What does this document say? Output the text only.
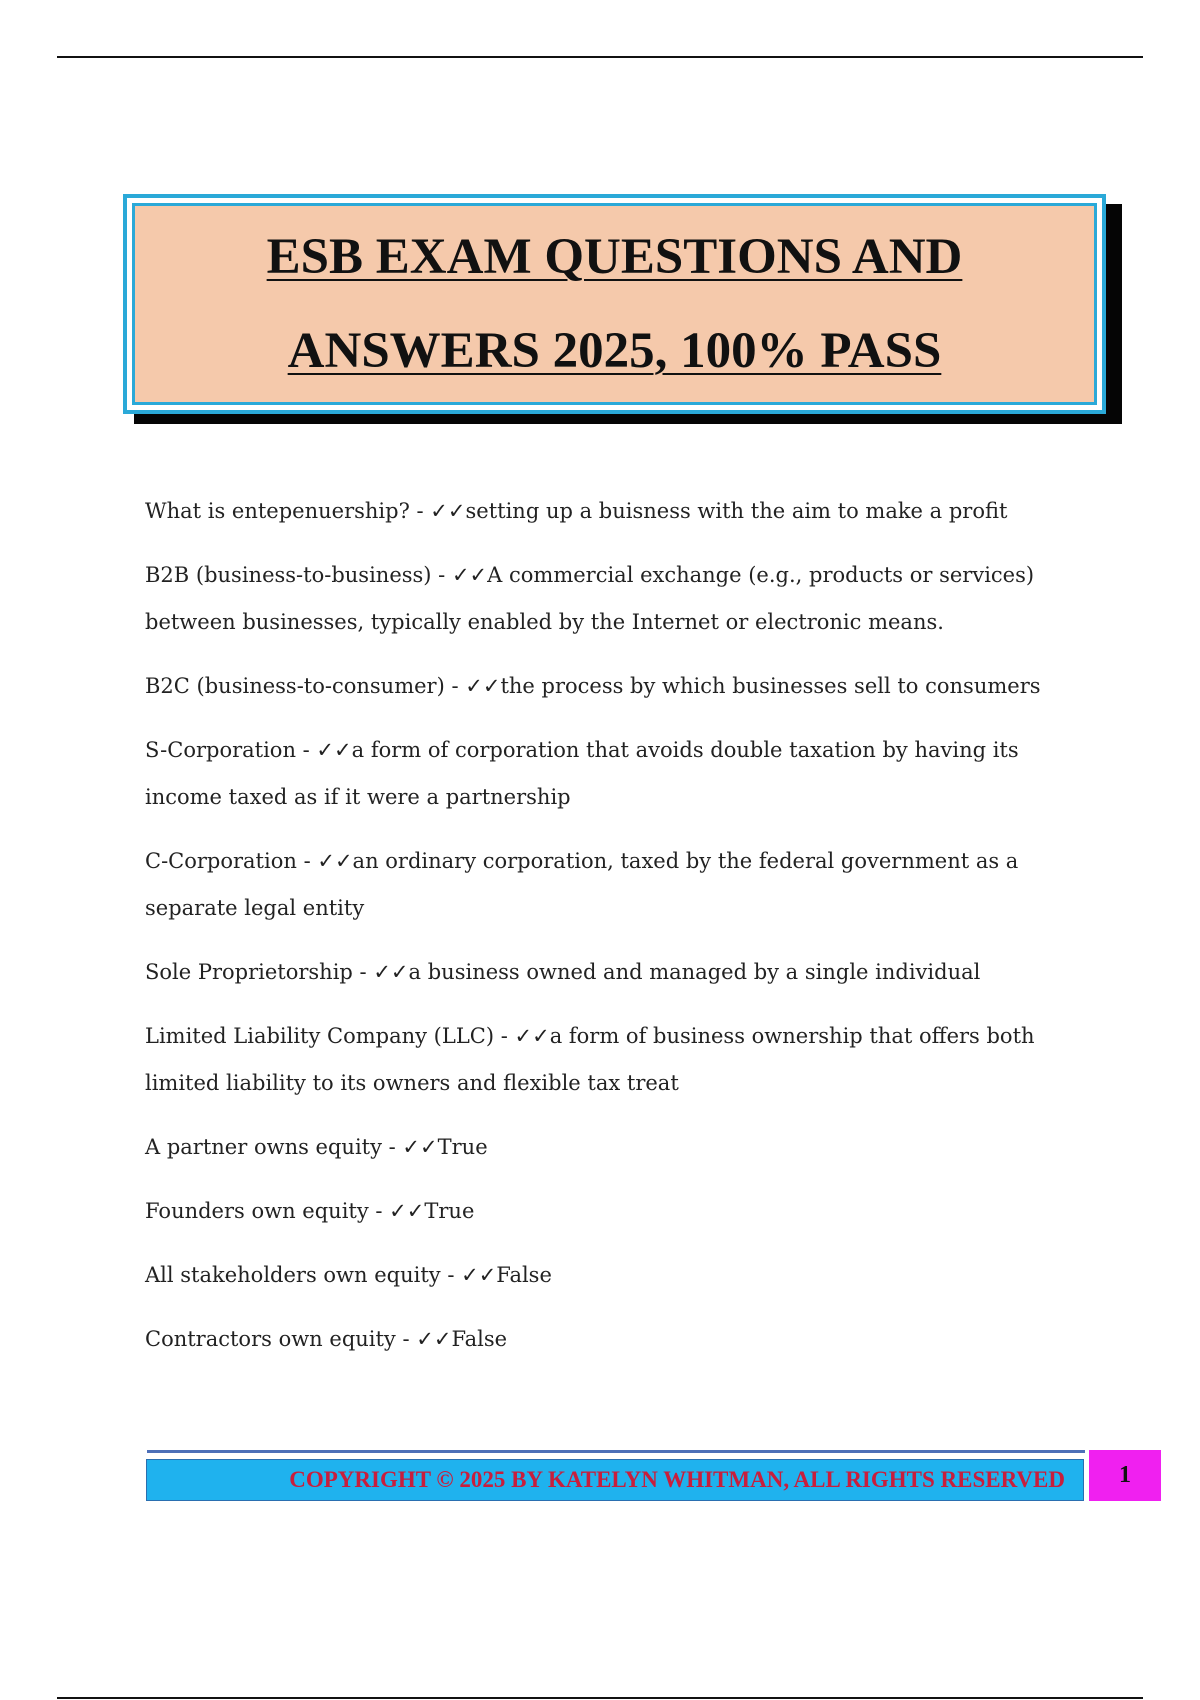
ESB EXAM QUESTIONS AND
ANSWERS 2025, 100% PASS

What is entepenuership? - ✓✓setting up a buisness with the aim to make a profit

B2B (business-to-business) - ✓✓A commercial exchange (e.g., products or services) between businesses, typically enabled by the Internet or electronic means.

B2C (business-to-consumer) - ✓✓the process by which businesses sell to consumers

S-Corporation - ✓✓a form of corporation that avoids double taxation by having its income taxed as if it were a partnership

C-Corporation - ✓✓an ordinary corporation, taxed by the federal government as a separate legal entity

Sole Proprietorship - ✓✓a business owned and managed by a single individual

Limited Liability Company (LLC) - ✓✓a form of business ownership that offers both limited liability to its owners and flexible tax treat

A partner owns equity - ✓✓True

Founders own equity - ✓✓True

All stakeholders own equity - ✓✓False

Contractors own equity - ✓✓False

COPYRIGHT © 2025 BY KATELYN WHITMAN, ALL RIGHTS RESERVED 1
